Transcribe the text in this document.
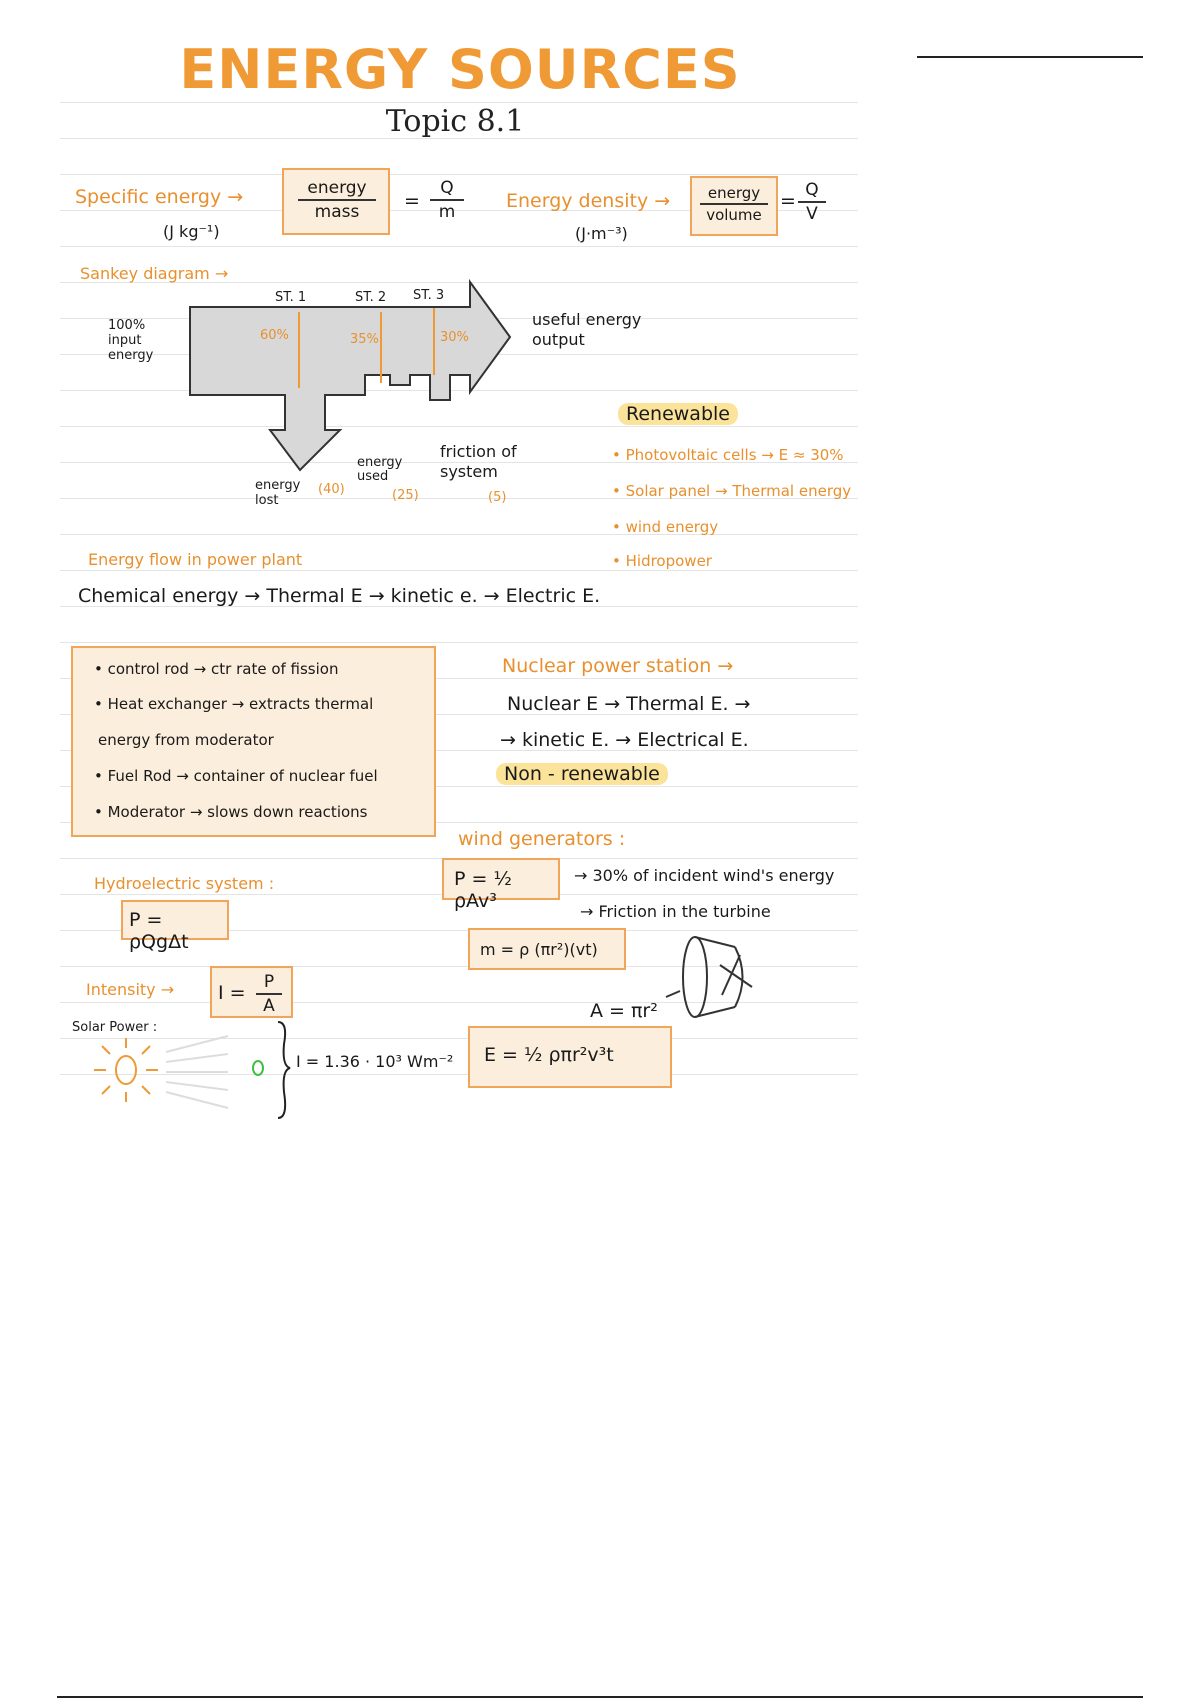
ENERGY SOURCES
Topic 8.1
Specific energy →
(J kg⁻¹)
energy
mass	= $\frac{Q}{m}$ Energy density →
(J·m⁻³)
energy
volume
= $\frac{Q}{V}$
Sankey diagram →
ST. 1	ST. 2 ST. 3
60%	35%	30%
100% input energy
useful energy output
energy lost
(40)
energy used
(25)
friction of system
(5)
Renewable
• Photovoltaic cells → E ≈ 30%
• Solar panel → Thermal energy
• wind energy
• Hidropower
Energy flow in power plant
Chemical energy → Thermal E → kinetic e. → Electric E.
• control rod → ctr rate of fission
• Heat exchanger → extracts thermal
energy from moderator
• Fuel Rod → container of nuclear fuel
• Moderator → slows down reactions
Nuclear power station →
Nuclear E → Thermal E. →
→ kinetic E. → Electrical E.
Non - renewable
wind generators :
P = ½ ρAv³
→ 30% of incident wind's energy
→ Friction in the turbine
m = ρ (πr²)(vt)
A = πr²
E = ½ ρπr²v³t
Hydroelectric system :
P = ρQgΔt
Intensity → $I = \frac{P}{A}$
Solar Power :
I = 1.36 · 10³ Wm⁻²
